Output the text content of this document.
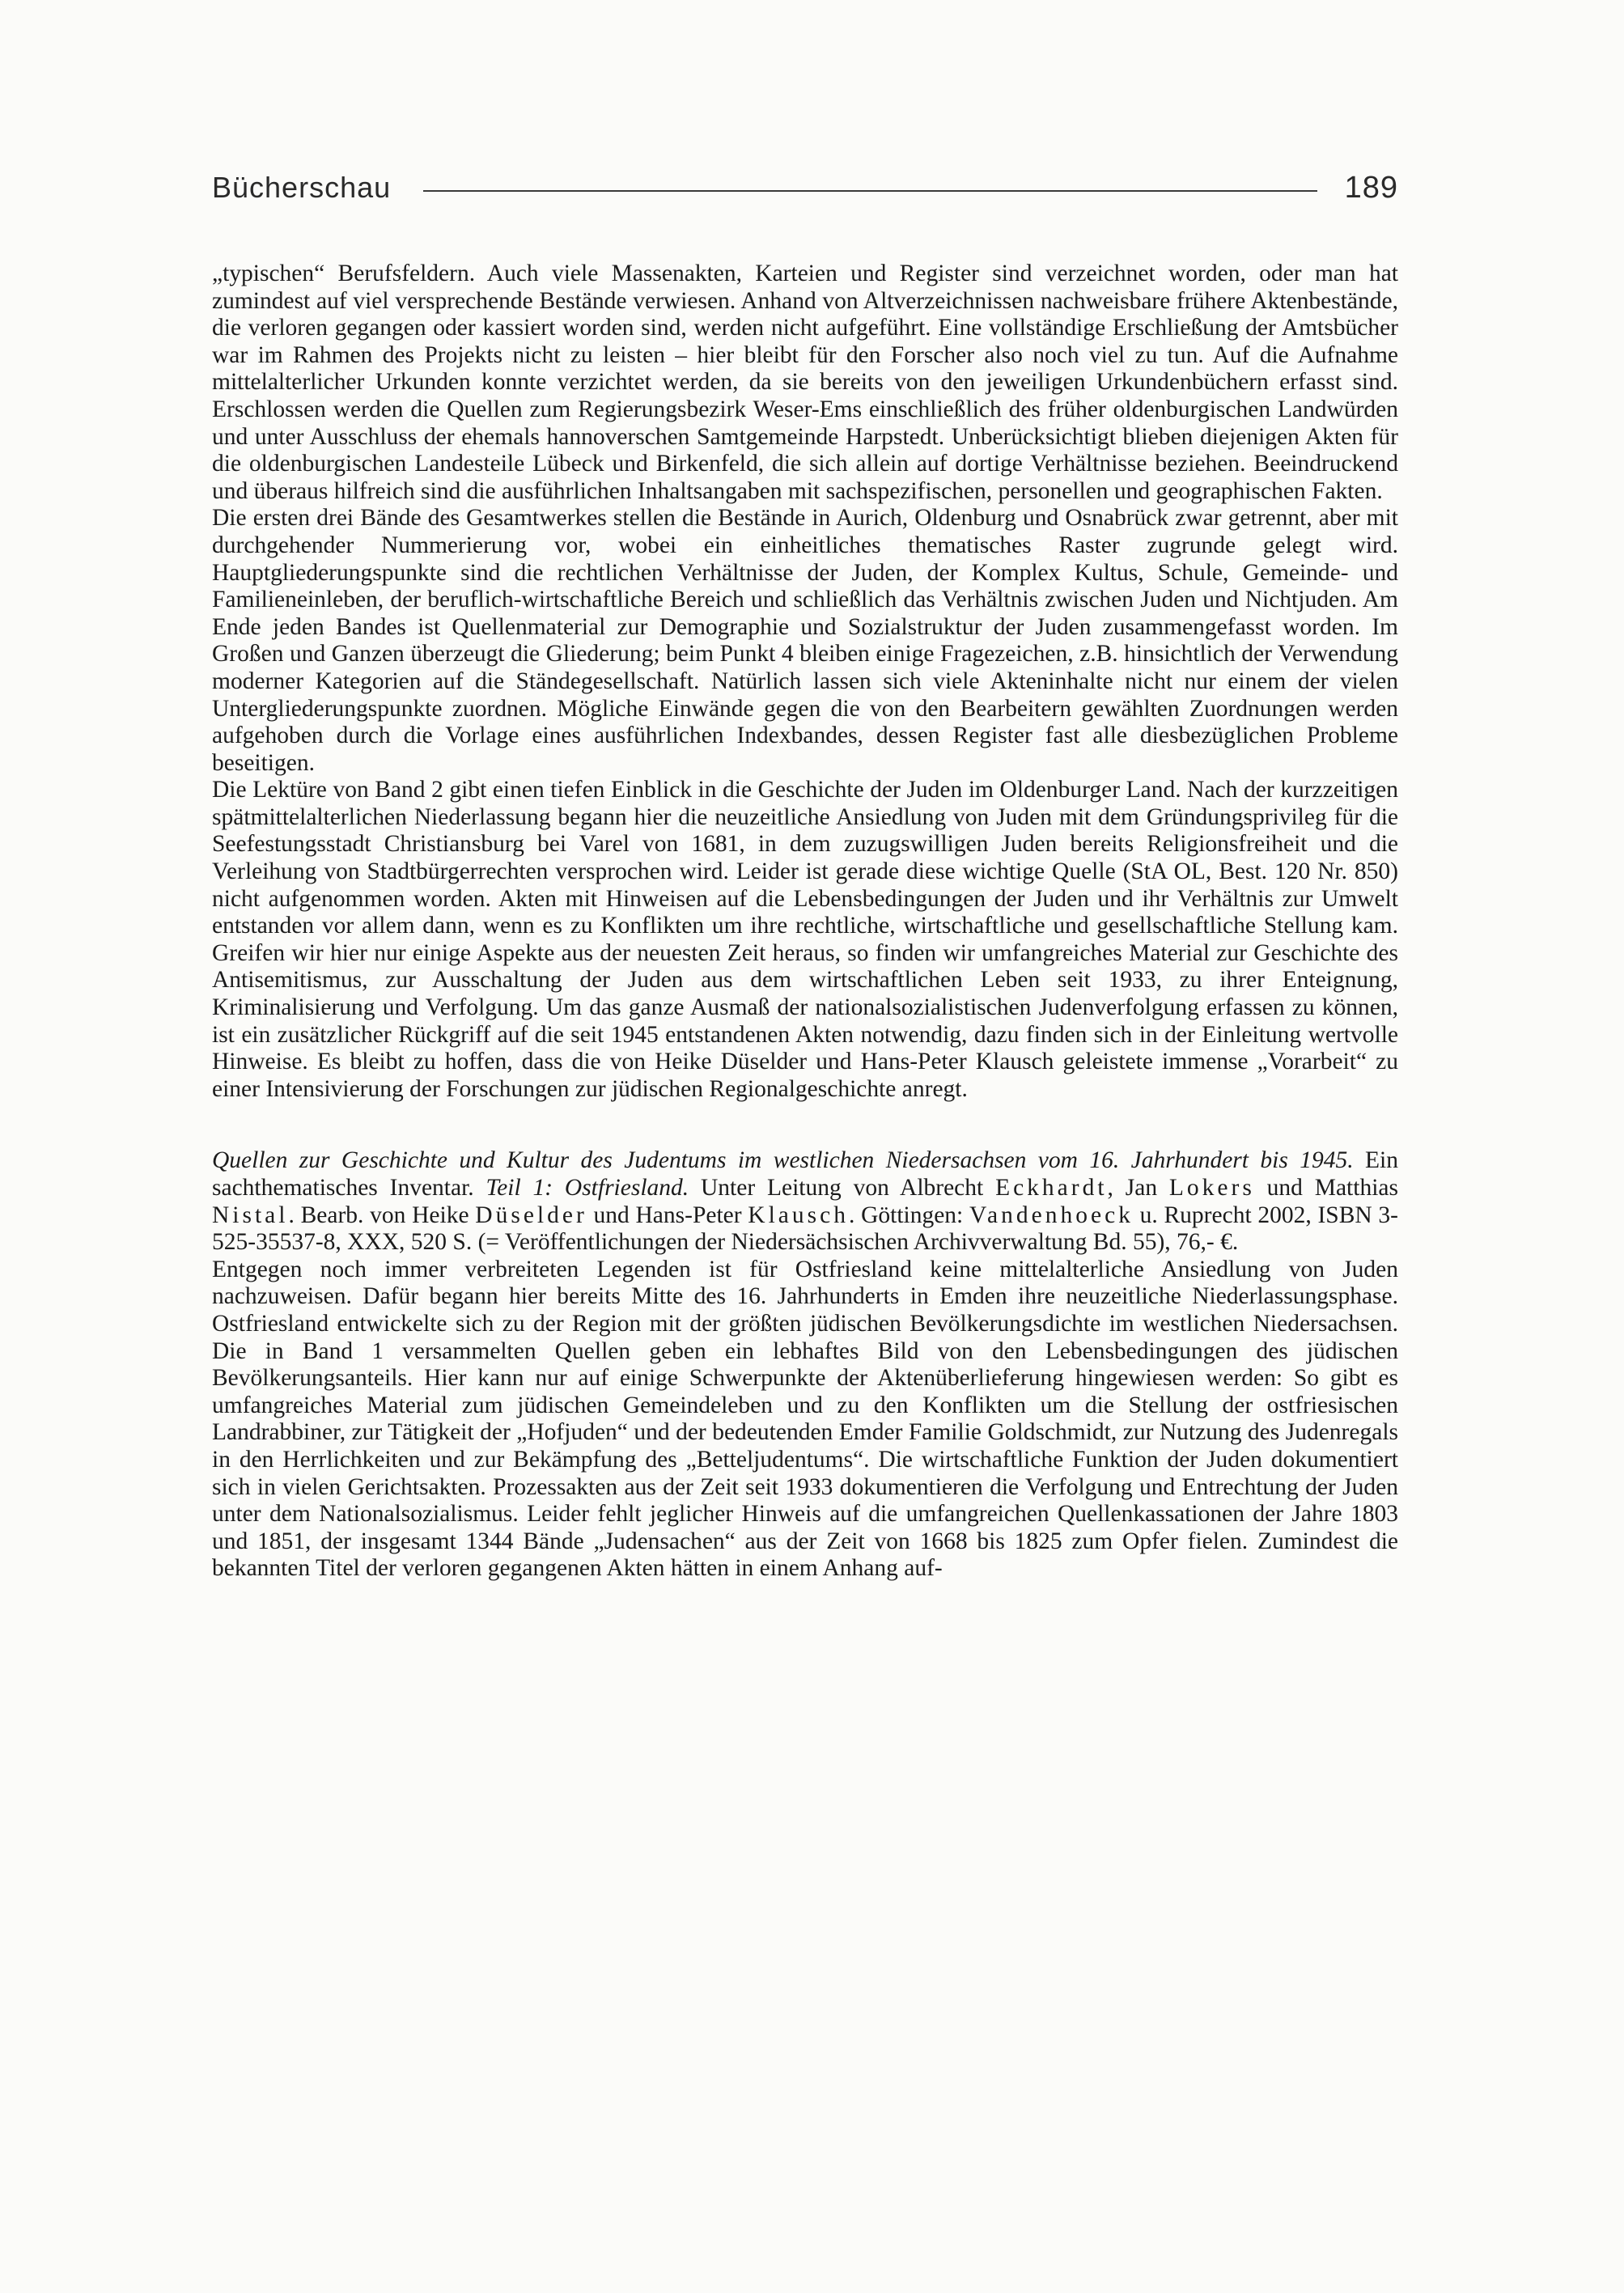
Bücherschau	189

„typischen“ Berufsfeldern. Auch viele Massenakten, Karteien und Register sind verzeichnet worden, oder man hat zumindest auf viel versprechende Bestände verwiesen. Anhand von Altverzeichnissen nachweisbare frühere Aktenbestände, die verloren gegangen oder kassiert worden sind, werden nicht aufgeführt. Eine vollständige Erschließung der Amtsbücher war im Rahmen des Projekts nicht zu leisten – hier bleibt für den Forscher also noch viel zu tun. Auf die Aufnahme mittelalterlicher Urkunden konnte verzichtet werden, da sie bereits von den jeweiligen Urkundenbüchern erfasst sind. Erschlossen werden die Quellen zum Regierungsbezirk Weser-Ems einschließlich des früher oldenburgischen Landwürden und unter Ausschluss der ehemals hannoverschen Samtgemeinde Harpstedt. Unberücksichtigt blieben diejenigen Akten für die oldenburgischen Landesteile Lübeck und Birkenfeld, die sich allein auf dortige Verhältnisse beziehen. Beeindruckend und überaus hilfreich sind die ausführlichen Inhaltsangaben mit sachspezifischen, personellen und geographischen Fakten.

Die ersten drei Bände des Gesamtwerkes stellen die Bestände in Aurich, Oldenburg und Osnabrück zwar getrennt, aber mit durchgehender Nummerierung vor, wobei ein einheitliches thematisches Raster zugrunde gelegt wird. Hauptgliederungspunkte sind die rechtlichen Verhältnisse der Juden, der Komplex Kultus, Schule, Gemeinde- und Familieneinleben, der beruflich-wirtschaftliche Bereich und schließlich das Verhältnis zwischen Juden und Nichtjuden. Am Ende jeden Bandes ist Quellenmaterial zur Demographie und Sozialstruktur der Juden zusammengefasst worden. Im Großen und Ganzen überzeugt die Gliederung; beim Punkt 4 bleiben einige Fragezeichen, z.B. hinsichtlich der Verwendung moderner Kategorien auf die Ständegesellschaft. Natürlich lassen sich viele Akteninhalte nicht nur einem der vielen Untergliederungspunkte zuordnen. Mögliche Einwände gegen die von den Bearbeitern gewählten Zuordnungen werden aufgehoben durch die Vorlage eines ausführlichen Indexbandes, dessen Register fast alle diesbezüglichen Probleme beseitigen.

Die Lektüre von Band 2 gibt einen tiefen Einblick in die Geschichte der Juden im Oldenburger Land. Nach der kurzzeitigen spätmittelalterlichen Niederlassung begann hier die neuzeitliche Ansiedlung von Juden mit dem Gründungsprivileg für die Seefestungsstadt Christiansburg bei Varel von 1681, in dem zuzugswilligen Juden bereits Religionsfreiheit und die Verleihung von Stadtbürgerrechten versprochen wird. Leider ist gerade diese wichtige Quelle (StA OL, Best. 120 Nr. 850) nicht aufgenommen worden. Akten mit Hinweisen auf die Lebensbedingungen der Juden und ihr Verhältnis zur Umwelt entstanden vor allem dann, wenn es zu Konflikten um ihre rechtliche, wirtschaftliche und gesellschaftliche Stellung kam. Greifen wir hier nur einige Aspekte aus der neuesten Zeit heraus, so finden wir umfangreiches Material zur Geschichte des Antisemitismus, zur Ausschaltung der Juden aus dem wirtschaftlichen Leben seit 1933, zu ihrer Enteignung, Kriminalisierung und Verfolgung. Um das ganze Ausmaß der nationalsozialistischen Judenverfolgung erfassen zu können, ist ein zusätzlicher Rückgriff auf die seit 1945 entstandenen Akten notwendig, dazu finden sich in der Einleitung wertvolle Hinweise. Es bleibt zu hoffen, dass die von Heike Düselder und Hans-Peter Klausch geleistete immense „Vorarbeit“ zu einer Intensivierung der Forschungen zur jüdischen Regionalgeschichte anregt.

Quellen zur Geschichte und Kultur des Judentums im westlichen Niedersachsen vom 16. Jahrhundert bis 1945. Ein sachthematisches Inventar. Teil 1: Ostfriesland. Unter Leitung von Albrecht Eckhardt, Jan Lokers und Matthias Nistal. Bearb. von Heike Düselder und Hans-Peter Klausch. Göttingen: Vandenhoeck u. Ruprecht 2002, ISBN 3-525-35537-8, XXX, 520 S. (= Veröffentlichungen der Niedersächsischen Archivverwaltung Bd. 55), 76,- €.

Entgegen noch immer verbreiteten Legenden ist für Ostfriesland keine mittelalterliche Ansiedlung von Juden nachzuweisen. Dafür begann hier bereits Mitte des 16. Jahrhunderts in Emden ihre neuzeitliche Niederlassungsphase. Ostfriesland entwickelte sich zu der Region mit der größten jüdischen Bevölkerungsdichte im westlichen Niedersachsen. Die in Band 1 versammelten Quellen geben ein lebhaftes Bild von den Lebensbedingungen des jüdischen Bevölkerungsanteils. Hier kann nur auf einige Schwerpunkte der Aktenüberlieferung hingewiesen werden: So gibt es umfangreiches Material zum jüdischen Gemeindeleben und zu den Konflikten um die Stellung der ostfriesischen Landrabbiner, zur Tätigkeit der „Hofjuden“ und der bedeutenden Emder Familie Goldschmidt, zur Nutzung des Judenregals in den Herrlichkeiten und zur Bekämpfung des „Betteljudentums“. Die wirtschaftliche Funktion der Juden dokumentiert sich in vielen Gerichtsakten. Prozessakten aus der Zeit seit 1933 dokumentieren die Verfolgung und Entrechtung der Juden unter dem Nationalsozialismus. Leider fehlt jeglicher Hinweis auf die umfangreichen Quellenkassationen der Jahre 1803 und 1851, der insgesamt 1344 Bände „Judensachen“ aus der Zeit von 1668 bis 1825 zum Opfer fielen. Zumindest die bekannten Titel der verloren gegangenen Akten hätten in einem Anhang auf-
